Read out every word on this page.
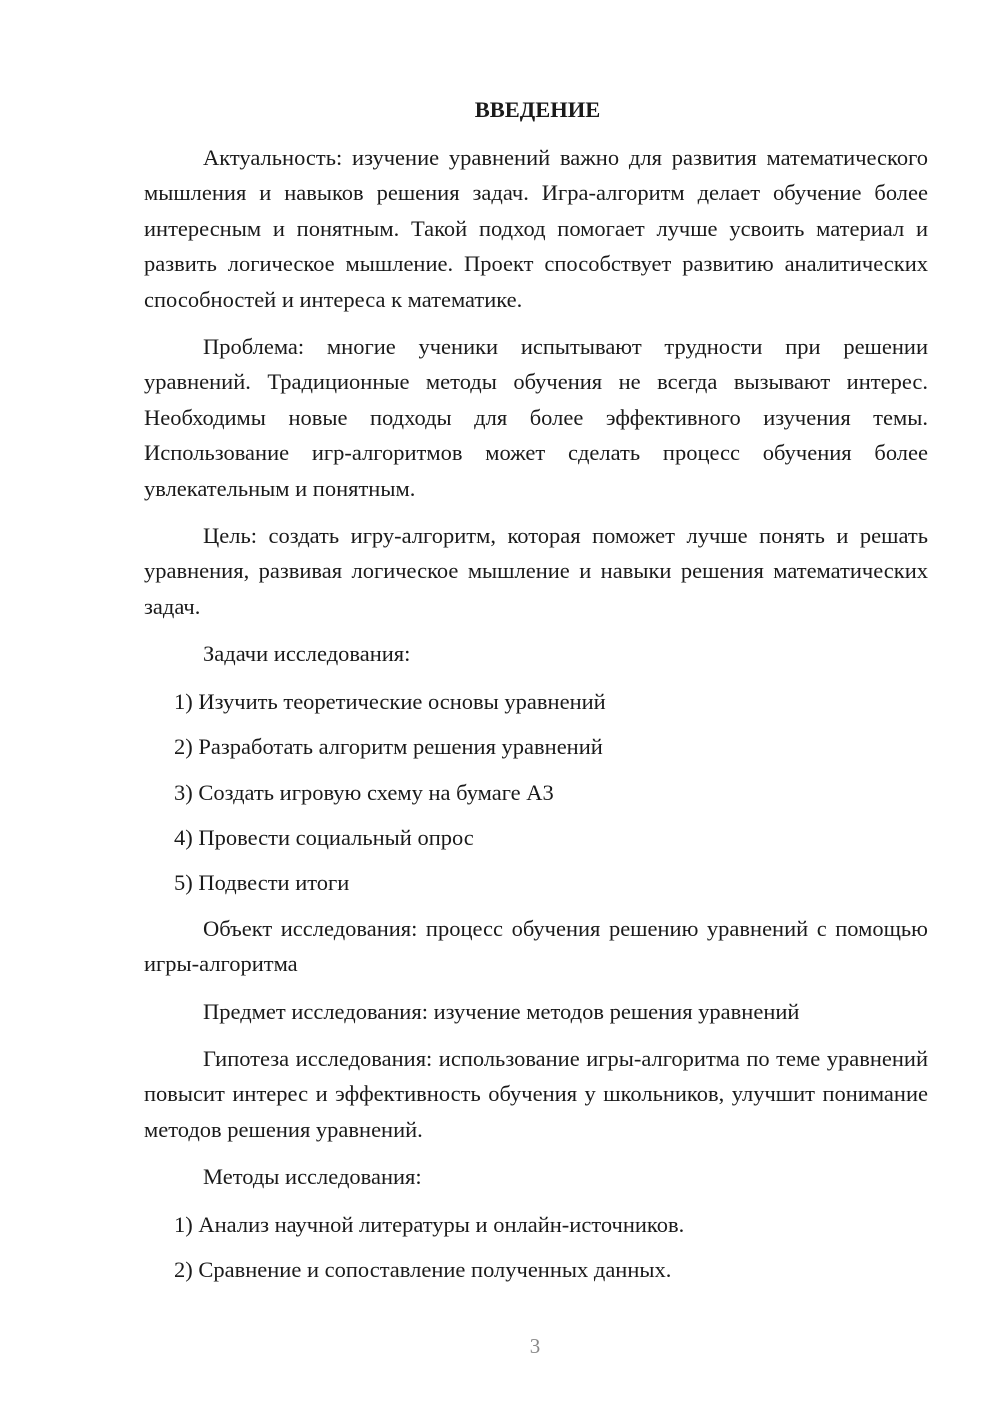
ВВЕДЕНИЕ

Актуальность: изучение уравнений важно для развития математического мышления и навыков решения задач. Игра-алгоритм делает обучение более интересным и понятным. Такой подход помогает лучше усвоить материал и развить логическое мышление. Проект способствует развитию аналитических способностей и интереса к математике.

Проблема: многие ученики испытывают трудности при решении уравнений. Традиционные методы обучения не всегда вызывают интерес. Необходимы новые подходы для более эффективного изучения темы. Использование игр-алгоритмов может сделать процесс обучения более увлекательным и понятным.

Цель: создать игру-алгоритм, которая поможет лучше понять и решать уравнения, развивая логическое мышление и навыки решения математических задач.

Задачи исследования:

1) Изучить теоретические основы уравнений
2) Разработать алгоритм решения уравнений
3) Создать игровую схему на бумаге А3
4) Провести социальный опрос
5) Подвести итоги

Объект исследования: процесс обучения решению уравнений с помощью игры-алгоритма

Предмет исследования: изучение методов решения уравнений

Гипотеза исследования: использование игры-алгоритма по теме уравнений повысит интерес и эффективность обучения у школьников, улучшит понимание методов решения уравнений.

Методы исследования:

1) Анализ научной литературы и онлайн-источников.
2) Сравнение и сопоставление полученных данных.
3
